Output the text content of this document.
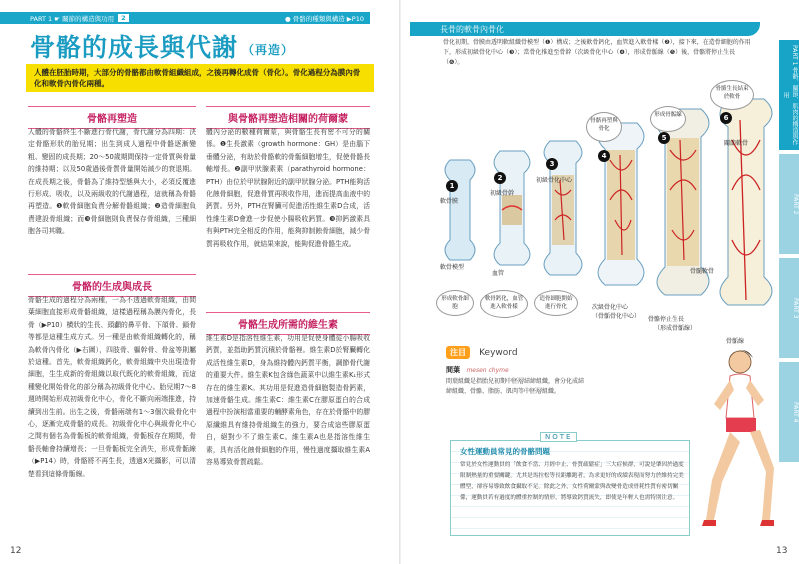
PART 1 ☛ 關節的構造與功用	2	● 骨骼的種類與構造 ▶P10
骨骼的成長與代謝 （再造）
人體在胚胎時期，大部分的骨骼都由軟骨組織組成，之後再轉化成骨（骨化）。骨化過程分為膜內骨化和軟骨內骨化兩種。
骨骼再塑造
人體的骨骼終生不斷進行骨代謝，骨代謝分為四期：決定骨骼形狀的胎兒期；出生到成人過程中骨骼逐漸變粗、變固的成長期；20～50歲期間保持一定骨質與骨量的維持期；以及50歲過後骨質骨量開始減少的衰退期。在成長期之後，骨骼為了維持型態與大小，必須反覆進行形成、吸收，以及兩級收的代謝過程，這就稱為骨骼再塑造。❶軟骨細胞負責分解骨骼組織；❷造骨細胞負責建設骨組織；而❸骨細胞則負責保存骨組織，三種細胞各司其職。
骨骼的生成與成長
骨骼生成的過程分為兩種，一為不透過軟骨組織，由間葉細胞直接形成骨骼組織，這樣過程稱為膜內骨化，長骨（▶P10）横狀的生長、頭顱的鼻平骨、下頜骨、鎖骨等都是這種生成方式。另一種是由軟骨組織轉化的，稱為軟骨內骨化（▶右圖），四肢骨、軀幹骨、骨盆等則屬於這種。首先，軟骨組織鈣化，軟骨組織中央出現造骨細胞，生生成新的骨組織以取代既化的軟骨組織，而這種變化開始骨化的部分稱為初級骨化中心。胎兒期7～8週時開始形成初級骨化中心，骨化不斷向兩端推進，持續到出生前。出生之後，骨骼兩端有1～3個次級骨化中心，逐漸完成骨骼的成長。初級骨化中心與級骨化中心之間有個名為骨骺板的軟骨組織，骨骺板存在期間，骨骼長軸會持續增長；一旦骨骺板完全消失，形成骨骺線（▶P14）時，骨骼將不再生長，透過X光攝影，可以清楚看到這條骨骺線。
與骨骼再塑造相關的荷爾蒙
體內分泌的數種荷爾蒙，與骨骼生長有密不可分的關係。❶生長激素（growth hormone：GH）是由腦下垂體分泌，有助於骨骼軟的骨骺細胞增生，促使骨骼長軸增長。❷副甲狀腺素素（parathyroid hormone：PTH）由位於甲狀腺附近的副甲狀腺分泌。PTH能夠活化蝕骨細胞，促進骨質再吸收作用，進而提高血液中的鈣質。另外，PTH在腎臟可促進活性維生素D合成，活性維生素D會進一步促使小腸吸收鈣質。❸抑鈣激素具有與PTH完全相反的作用，能夠抑制蝕骨細胞，減少骨質再吸收作用，就結果來說，能夠促進骨骼生成。
骨骼生成所需的維生素
維生素D是指溶性維生素，功用是促使身體從小腸吸收鈣質，並指助鈣質沉積於骨骼裡。維生素D於腎臟轉化成活性維生素D，身為維持體內鈣質平衡，調節骨代謝的重要大件。維生素K包含綠色蔬菜中以維生素K₁形式存在的維生素K。其功用是促進造骨細胞製造骨鈣素，加速骨骼生成。維生素C：維生素C在膠原蛋白的合成過程中扮演相當重要的輔酵素角色，存在於骨骼中的膠原纖維具有維持骨組織生的強力，要合成這些膠原蛋白，絕對少不了維生素C。維生素A也是指溶性維生素，具有活化蝕骨細胞的作用，慢性過度攝取維生素A容易導致骨質疏鬆。
12
長骨的軟骨內骨化
骨化初期，骨膜由透明軟組織骨模型（❶）構成；之後軟骨鈣化，血管進入軟骨樣（❷），接下來，在造骨細胞的作用下，形成初級骨化中心（❸）；當骨化推進至骨幹（次級骨化中心（❹），形成骨骺線（❺）後，骨骼將停止生長（❻）。	PART 1 骨骼、關節、肌肉的構造與作用
PART 2
PART 3
PART 4
1
2
3
4
5
6
軟骨膜
初級骨幹
初級骨化中心
軟骨模型
血管	骨髓軟骨
次級骨化中心
（骨骺骨化中心） 骨骼停止生長
（形成骨骺線）
關節軟骨
骨骺線
骨骼生長結束於軟骨
骨骼再塑與骨化
形成骨骺線
形成軟骨細胞
軟骨鈣化，血管進入軟骨樣
造骨細胞開始進行骨化
注目 Keyword
間葉 mesen chyme
間葉組織是指胎兒初期中胚層結締組織，會分化成結締組織、骨骼、脂肪、肌肉等中胚層組織。
NOTE
女性運動員常見的骨骼問題
常見於女性運動員的「飲食不當、月經中止、骨質疏鬆症」三大症候群，可說是肇因於過度限制熱量的重要關鍵。尤其是馬拉松等長距離跑者，為求更好的成績表現而努力於維持完美體型，卻容易導致飲食攝取不足。除此之外，女性荷爾蒙與改變骨造成骨耗性質有密切關係，運動員若有過度的體重控制的情形，將導致鈣質流失，即使是年輕人也需特別注意。
13
